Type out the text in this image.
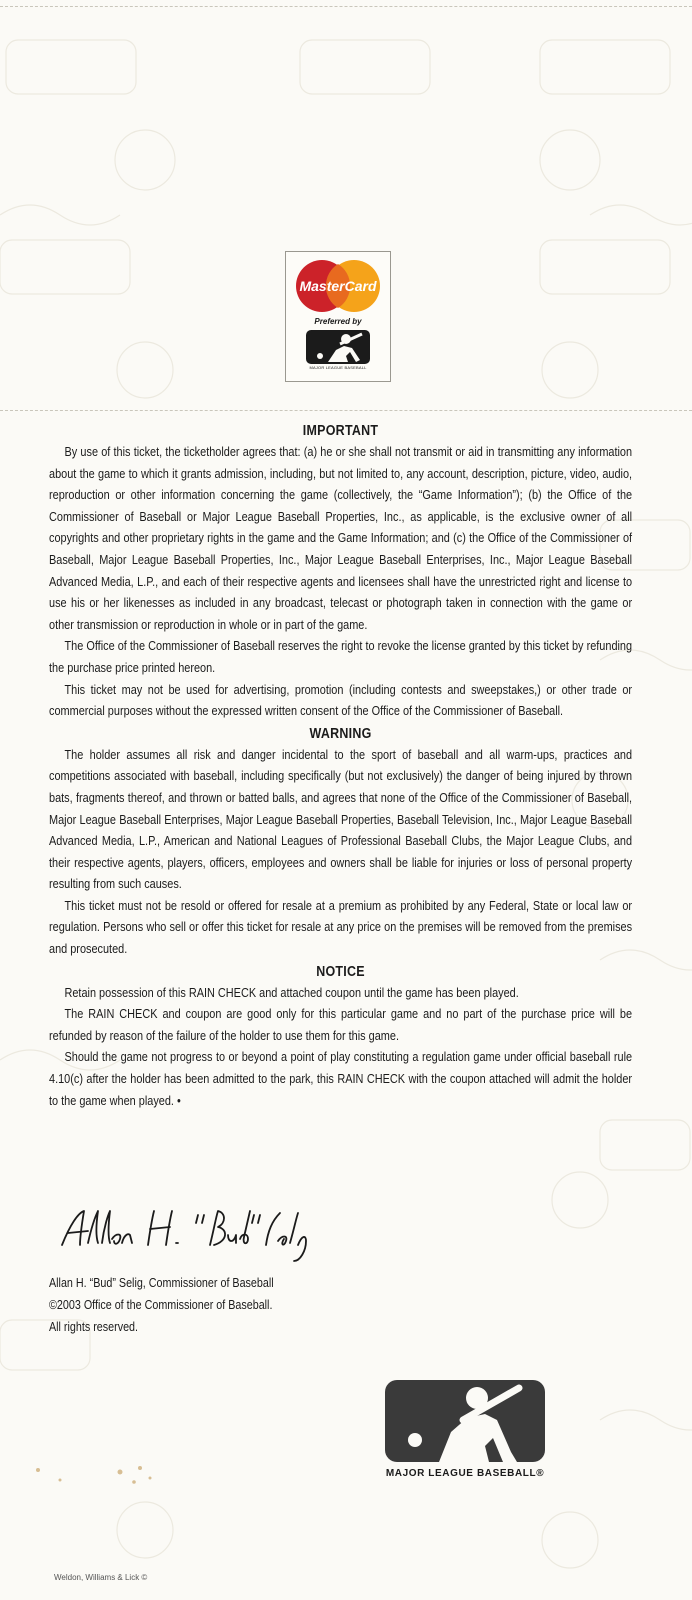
MasterCard
Preferred by
MAJOR LEAGUE BASEBALL
IMPORTANT

By use of this ticket, the ticketholder agrees that: (a) he or she shall not transmit or aid in transmitting any information about the game to which it grants admission, including, but not limited to, any account, description, picture, video, audio, reproduction or other information concerning the game (collectively, the “Game Information”); (b) the Office of the Commissioner of Baseball or Major League Baseball Properties, Inc., as applicable, is the exclusive owner of all copyrights and other proprietary rights in the game and the Game Information; and (c) the Office of the Commissioner of Baseball, Major League Baseball Properties, Inc., Major League Baseball Enterprises, Inc., Major League Baseball Advanced Media, L.P., and each of their respective agents and licensees shall have the unrestricted right and license to use his or her likenesses as included in any broadcast, telecast or photograph taken in connection with the game or other transmission or reproduction in whole or in part of the game.

The Office of the Commissioner of Baseball reserves the right to revoke the license granted by this ticket by refunding the purchase price printed hereon.

This ticket may not be used for advertising, promotion (including contests and sweepstakes,) or other trade or commercial purposes without the expressed written consent of the Office of the Commissioner of Baseball.

WARNING

The holder assumes all risk and danger incidental to the sport of baseball and all warm-ups, practices and competitions associated with baseball, including specifically (but not exclusively) the danger of being injured by thrown bats, fragments thereof, and thrown or batted balls, and agrees that none of the Office of the Commissioner of Baseball, Major League Baseball Enterprises, Major League Baseball Properties, Baseball Television, Inc., Major League Baseball Advanced Media, L.P., American and National Leagues of Professional Baseball Clubs, the Major League Clubs, and their respective agents, players, officers, employees and owners shall be liable for injuries or loss of personal property resulting from such causes.

This ticket must not be resold or offered for resale at a premium as prohibited by any Federal, State or local law or regulation. Persons who sell or offer this ticket for resale at any price on the premises will be removed from the premises and prosecuted.

NOTICE

Retain possession of this RAIN CHECK and attached coupon until the game has been played.

The RAIN CHECK and coupon are good only for this particular game and no part of the purchase price will be refunded by reason of the failure of the holder to use them for this game.

Should the game not progress to or beyond a point of play constituting a regulation game under official baseball rule 4.10(c) after the holder has been admitted to the park, this RAIN CHECK with the coupon attached will admit the holder to the game when played. •

Allan H. “Bud” Selig, Commissioner of Baseball
©2003 Office of the Commissioner of Baseball.
All rights reserved.
MAJOR LEAGUE BASEBALL®
Weldon, Williams & Lick ©
